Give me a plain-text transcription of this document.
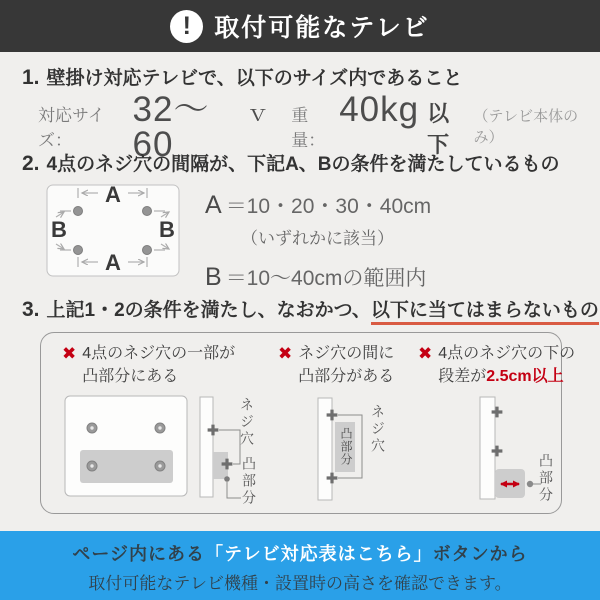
! 取付可能なテレビ
1. 壁掛け対応テレビで、以下のサイズ内であること
対応サイズ：
32〜60
ｖ 重量：
40kg 以下
（テレビ本体のみ）
2. 4点のネジ穴の間隔が、下記A、Bの条件を満たしているもの
A
A
B	B
A ＝10・20・30・40cm
（いずれかに該当）
B ＝10〜40cmの範囲内
3. 上記1・2の条件を満たし、なおかつ、以下に当てはまらないもの
✖ 4点のネジ穴の一部が
凸部分にある
✖ ネジ穴の間に
凸部分がある
✖ 4点のネジ穴の下の
段差が2.5cm以上
ネジ穴
凸部分
凸部分 ネジ穴
凸部分
ページ内にある「テレビ対応表はこちら」ボタンから
取付可能なテレビ機種・設置時の高さを確認できます。
